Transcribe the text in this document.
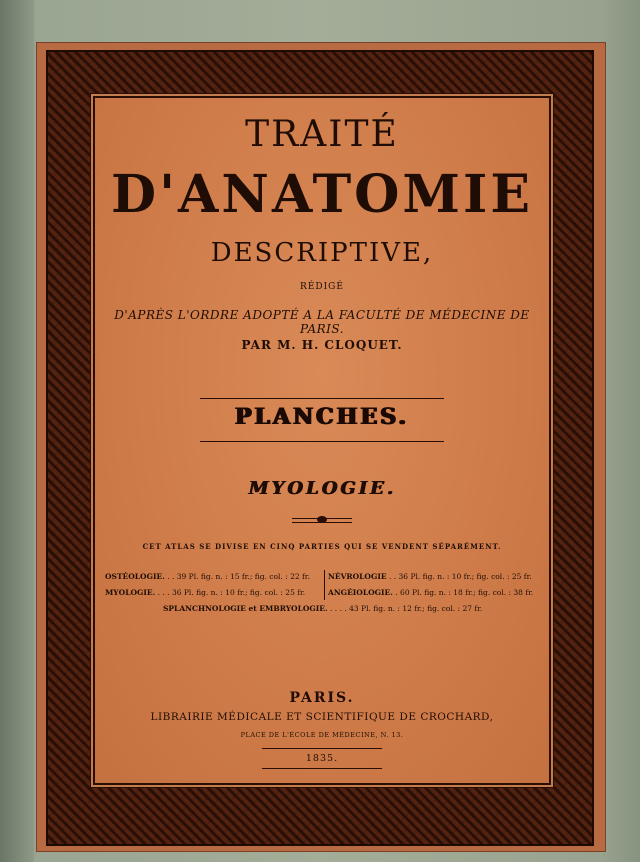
TRAITÉ
D'ANATOMIE
DESCRIPTIVE,
RÉDIGÉ
D'APRÈS L'ORDRE ADOPTÉ A LA FACULTÉ DE MÉDECINE DE PARIS.
PAR M. H. CLOQUET.
PLANCHES.
MYOLOGIE.
CET ATLAS SE DIVISE EN CINQ PARTIES QUI SE VENDENT SÉPARÉMENT.
OSTÉOLOGIE. . . 39 Pl. fig. n. : 15 fr.; fig. col. : 22 fr. NÉVROLOGIE . . 36 Pl. fig. n. : 10 fr.; fig. col. : 25 fr.
MYOLOGIE. . . . 36 Pl. fig. n. : 10 fr.; fig. col. : 25 fr.	ANGÉIOLOGIE. . 60 Pl. fig. n. : 18 fr.; fig. col. : 38 fr.
SPLANCHNOLOGIE et EMBRYOLOGIE. . . . . 43 Pl. fig. n. : 12 fr.; fig. col. : 27 fr.
PARIS.
LIBRAIRIE MÉDICALE ET SCIENTIFIQUE DE CROCHARD,
PLACE DE L'ÉCOLE DE MÉDECINE, N. 13.
1835.
